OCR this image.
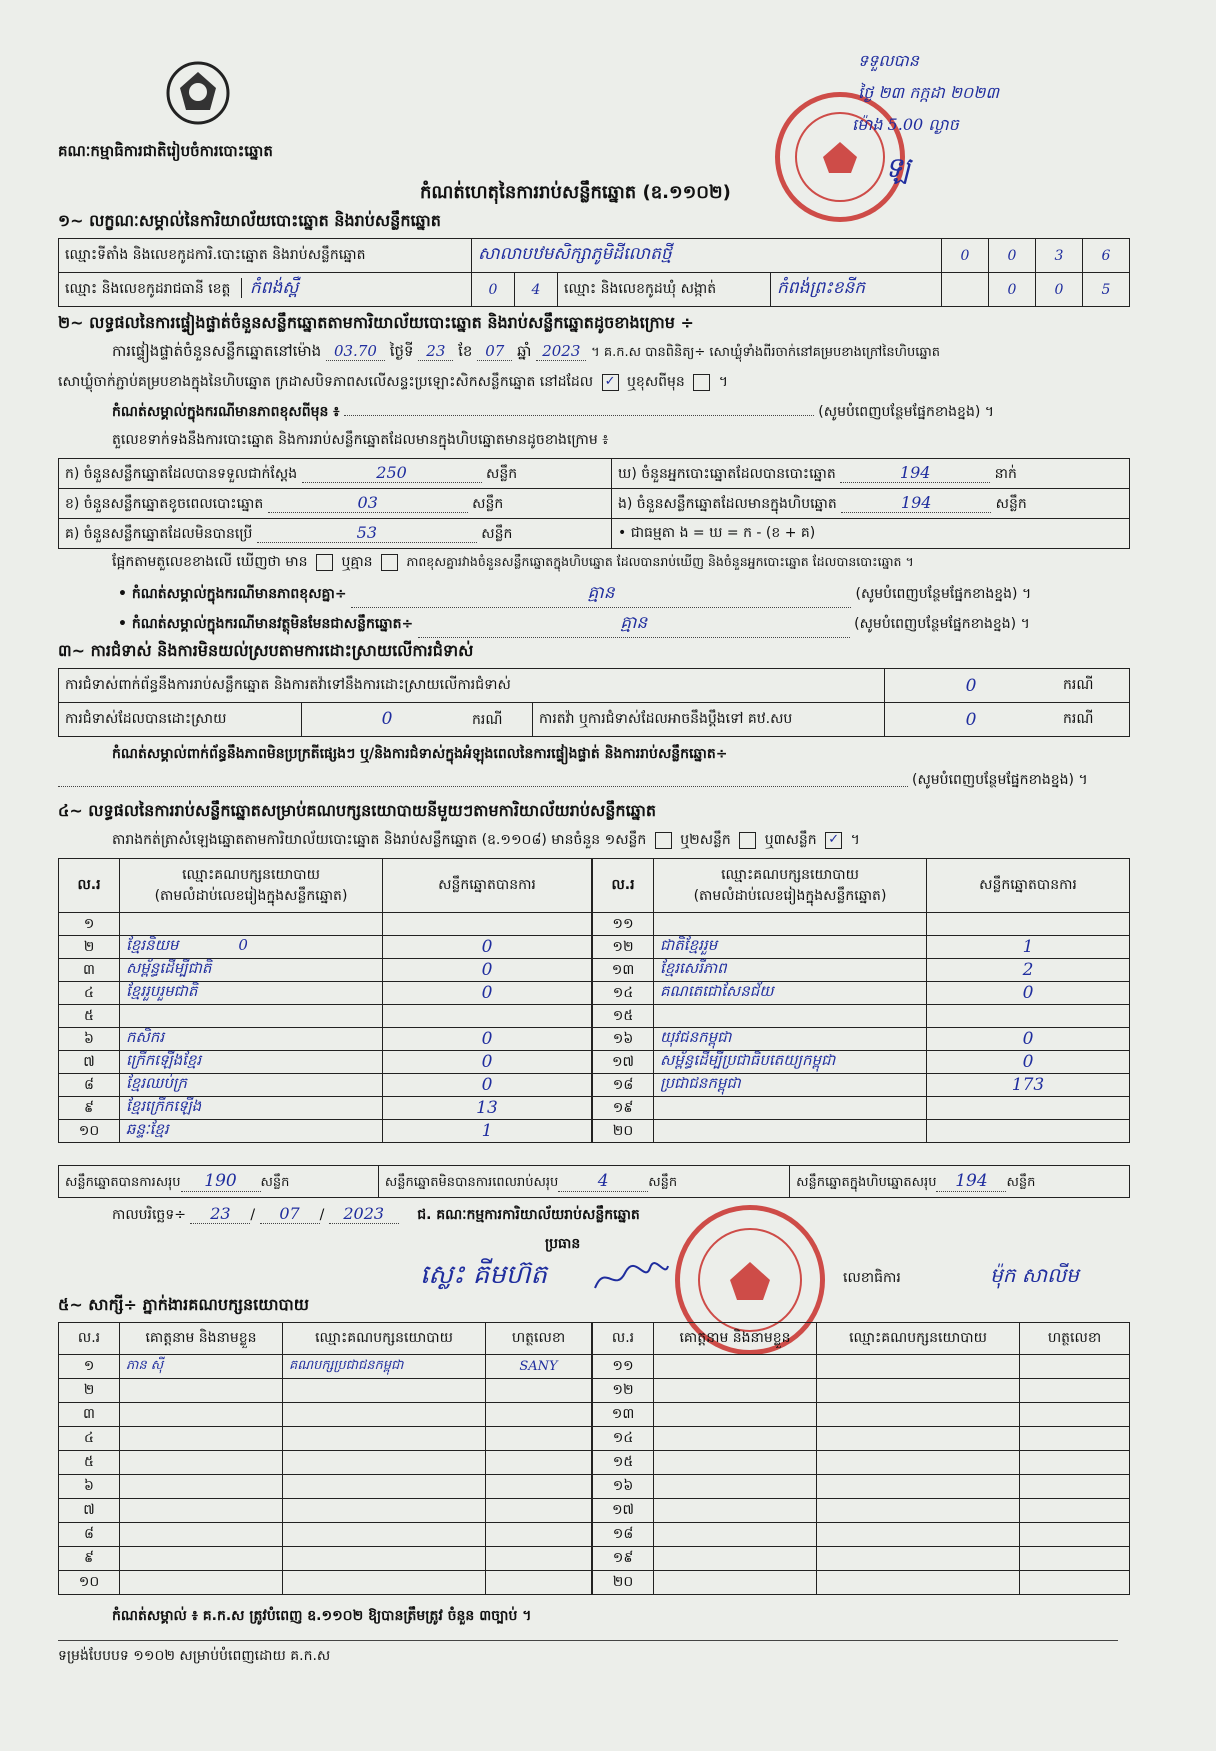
គណៈកម្មាធិការជាតិរៀបចំការបោះឆ្នោត
កំណត់ហេតុនៃការរាប់សន្លឹកឆ្នោត (ឧ.១១០២)
ទទួលបាន
ថ្ងៃ ២៣ កក្កដា ២០២៣
ម៉ោង 5.00 ល្ងាច
ឡ
១~ លក្ខណៈសម្គាល់នៃការិយាល័យបោះឆ្នោត និងរាប់សន្លឹកឆ្នោត
ឈ្មោះទីតាំង និងលេខកូដការិ.បោះឆ្នោត និងរាប់សន្លឹកឆ្នោត	សាលាបឋមសិក្សាភូមិដីលោតថ្មី				0	0	3	6
ឈ្មោះ និងលេខកូដរាជធានី ខេត្ត កំពង់ស្ពឺ	0	4	ឈ្មោះ និងលេខកូដឃុំ សង្កាត់	កំពង់ព្រះខនីក		0	0	5
២~ លទ្ធផលនៃការផ្ទៀងផ្ទាត់ចំនួនសន្លឹកឆ្នោតតាមការិយាល័យបោះឆ្នោត និងរាប់សន្លឹកឆ្នោតដូចខាងក្រោម ÷
ការផ្ទៀងផ្ទាត់ចំនួនសន្លឹកឆ្នោតនៅម៉ោង 03.70 ថ្ងៃទី 23 ខែ 07 ឆ្នាំ 2023 ។ គ.ក.ស បានពិនិត្យ÷ សោឃ្លុំទាំងពីរចាក់នៅគម្របខាងក្រៅនៃហិបឆ្នោត
សោឃ្លុំចាក់ភ្ជាប់គម្របខាងក្នុងនៃហិបឆ្នោត ក្រដាសបិទភាពសលើសន្ទះប្រឡោះសិកសន្លឹកឆ្នោត នៅដដែល ✓ ឬខុសពីមុន ។
កំណត់សម្គាល់ក្នុងករណីមានភាពខុសពីមុន ៖	(សូមបំពេញបន្ថែមផ្នែកខាងខ្នង) ។
តួលេខទាក់ទងនឹងការបោះឆ្នោត និងការរាប់សន្លឹកឆ្នោតដែលមានក្នុងហិបឆ្នោតមានដូចខាងក្រោម ៖
ក) ចំនួនសន្លឹកឆ្នោតដែលបានទទួលជាក់ស្តែង 250 សន្លឹក	ឃ) ចំនួនអ្នកបោះឆ្នោតដែលបានបោះឆ្នោត 194 នាក់
ខ) ចំនួនសន្លឹកឆ្នោតខូចពេលបោះឆ្នោត 03 សន្លឹក	ង) ចំនួនសន្លឹកឆ្នោតដែលមានក្នុងហិបឆ្នោត 194 សន្លឹក
គ) ចំនួនសន្លឹកឆ្នោតដែលមិនបានប្រើ 53 សន្លឹក	• ជាធម្មតា ង = ឃ = ក - (ខ + គ)
ផ្អែកតាមតួលេខខាងលើ ឃើញថា មាន ឬគ្មាន	ភាពខុសគ្នារវាងចំនួនសន្លឹកឆ្នោតក្នុងហិបឆ្នោត ដែលបានរាប់ឃើញ និងចំនួនអ្នកបោះឆ្នោត ដែលបានបោះឆ្នោត ។
• កំណត់សម្គាល់ក្នុងករណីមានភាពខុសគ្នា÷	គ្មាន	(សូមបំពេញបន្ថែមផ្នែកខាងខ្នង) ។
• កំណត់សម្គាល់ក្នុងករណីមានវត្ថុមិនមែនជាសន្លឹកឆ្នោត÷	គ្មាន	(សូមបំពេញបន្ថែមផ្នែកខាងខ្នង) ។
៣~ ការជំទាស់ និងការមិនយល់ស្របតាមការដោះស្រាយលើការជំទាស់
ការជំទាស់ពាក់ព័ន្ធនឹងការរាប់សន្លឹកឆ្នោត និងការតវ៉ាទៅនឹងការដោះស្រាយលើការជំទាស់			0	ករណី
ការជំទាស់ដែលបានដោះស្រាយ	0 ករណី	ការតវ៉ា ឬការជំទាស់ដែលអាចនឹងប្តឹងទៅ គឋ.សប	0	ករណី
កំណត់សម្គាល់ពាក់ព័ន្ធនឹងភាពមិនប្រក្រតីផ្សេងៗ ឬ/និងការជំទាស់ក្នុងអំឡុងពេលនៃការផ្ទៀងផ្ទាត់ និងការរាប់សន្លឹកឆ្នោត÷
(សូមបំពេញបន្ថែមផ្នែកខាងខ្នង) ។
៤~ លទ្ធផលនៃការរាប់សន្លឹកឆ្នោតសម្រាប់គណបក្សនយោបាយនីមួយៗតាមការិយាល័យរាប់សន្លឹកឆ្នោត
តារាងកត់ត្រាសំឡេងឆ្នោតតាមការិយាល័យបោះឆ្នោត និងរាប់សន្លឹកឆ្នោត (ឧ.១១០៨) មានចំនួន ១សន្លឹក ឬ២សន្លឹក ឬ៣សន្លឹក ✓ ។
ល.រ	ឈ្មោះគណបក្សនយោបាយ
(តាមលំដាប់លេខរៀងក្នុងសន្លឹកឆ្នោត)	សន្លឹកឆ្នោតបានការ
១		
២	ខ្មែរនិយម 0	0
៣	សម្ព័ន្ធដើម្បីជាតិ	0
៤	ខ្មែររួបរួមជាតិ	0
៥		
៦	កសិករ	0
៧	ក្រើកឡើងខ្មែរ	0
៨	ខ្មែរឈប់ក្រ	0
៩	ខ្មែរក្រើកឡើង	13
១០	ឆន្ទៈខ្មែរ	1
ល.រ	ឈ្មោះគណបក្សនយោបាយ
(តាមលំដាប់លេខរៀងក្នុងសន្លឹកឆ្នោត)	សន្លឹកឆ្នោតបានការ
១១		
១២	ជាតិខ្មែររួម	1
១៣	ខ្មែរសេរីភាព	2
១៤	គណតេជោសែនជ័យ	0
១៥		
១៦	យុវជនកម្ពុជា	0
១៧	សម្ព័ន្ធដើម្បីប្រជាធិបតេយ្យកម្ពុជា	0
១៨	ប្រជាជនកម្ពុជា	173
១៩		
២០		
សន្លឹកឆ្នោតបានការសរុប 190 សន្លឹក	សន្លឹកឆ្នោតមិនបានការពេលរាប់សរុប 4	សន្លឹក	សន្លឹកឆ្នោតក្នុងហិបឆ្នោតសរុប 194 សន្លឹក
កាលបរិច្ឆេទ÷ 23 / 07 / 2023 ជ. គណៈកម្មការការិយាល័យរាប់សន្លឹកឆ្នោត
ប្រធាន
ស្លេះ គីមហ៊ត	លេខាធិការ	ម៉ុក សាលីម
៥~ សាក្សី÷ ភ្នាក់ងារគណបក្សនយោបាយ
ល.រ	គោត្តនាម និងនាមខ្លួន	ឈ្មោះគណបក្សនយោបាយ	ហត្ថលេខា
១	ភាន ស៊ី	គណបក្សប្រជាជនកម្ពុជា	SANY
២			
៣			
៤			
៥			
៦			
៧			
៨			
៩			
១០			
ល.រ	គោត្តនាម និងនាមខ្លួន	ឈ្មោះគណបក្សនយោបាយ	ហត្ថលេខា
១១			
១២			
១៣			
១៤			
១៥			
១៦			
១៧			
១៨			
១៩			
២០			
កំណត់សម្គាល់ ៖ គ.ក.ស ត្រូវបំពេញ ឧ.១១០២ ឱ្យបានត្រឹមត្រូវ ចំនួន ៣ច្បាប់ ។
ទម្រង់បែបបទ ១១០២ សម្រាប់បំពេញដោយ គ.ក.ស
